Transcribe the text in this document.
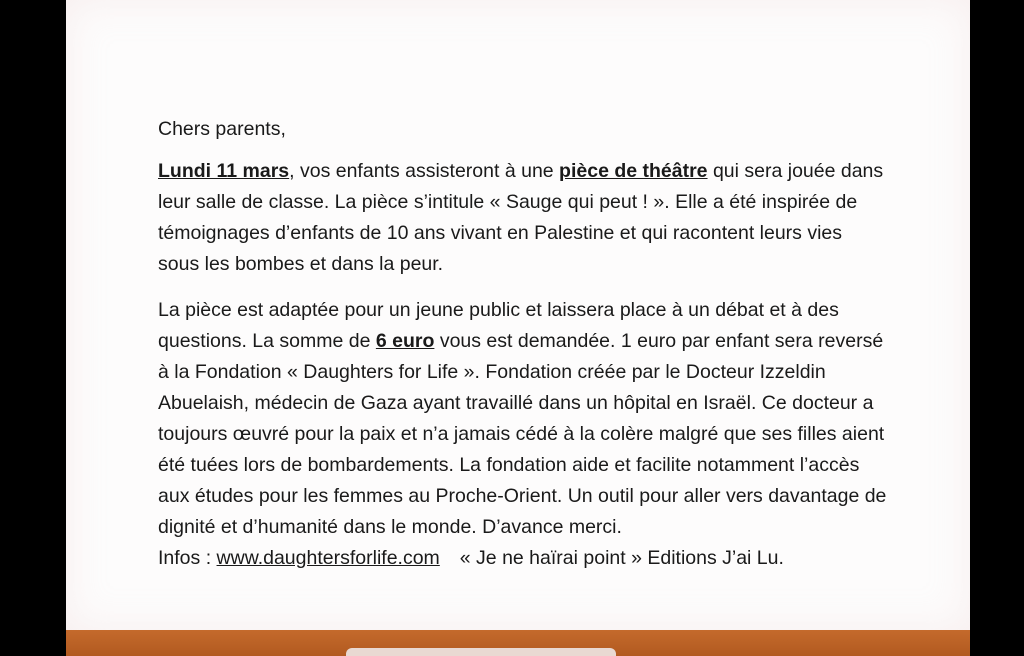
Chers parents,

Lundi 11 mars, vos enfants assisteront à une pièce de théâtre qui sera jouée dans leur salle de classe. La pièce s’intitule « Sauge qui peut ! ». Elle a été inspirée de témoignages d’enfants de 10 ans vivant en Palestine et qui racontent leurs vies sous les bombes et dans la peur.

La pièce est adaptée pour un jeune public et laissera place à un débat et à des questions. La somme de 6 euro vous est demandée. 1 euro par enfant sera reversé à la Fondation « Daughters for Life ». Fondation créée par le Docteur Izzeldin Abuelaish, médecin de Gaza ayant travaillé dans un hôpital en Israël. Ce docteur a toujours œuvré pour la paix et n’a jamais cédé à la colère malgré que ses filles aient été tuées lors de bombardements. La fondation aide et facilite notamment l’accès aux études pour les femmes au Proche-Orient. Un outil pour aller vers davantage de dignité et d’humanité dans le monde. D’avance merci.
Infos : www.daughtersforlife.com « Je ne haïrai point » Editions J’ai Lu.
